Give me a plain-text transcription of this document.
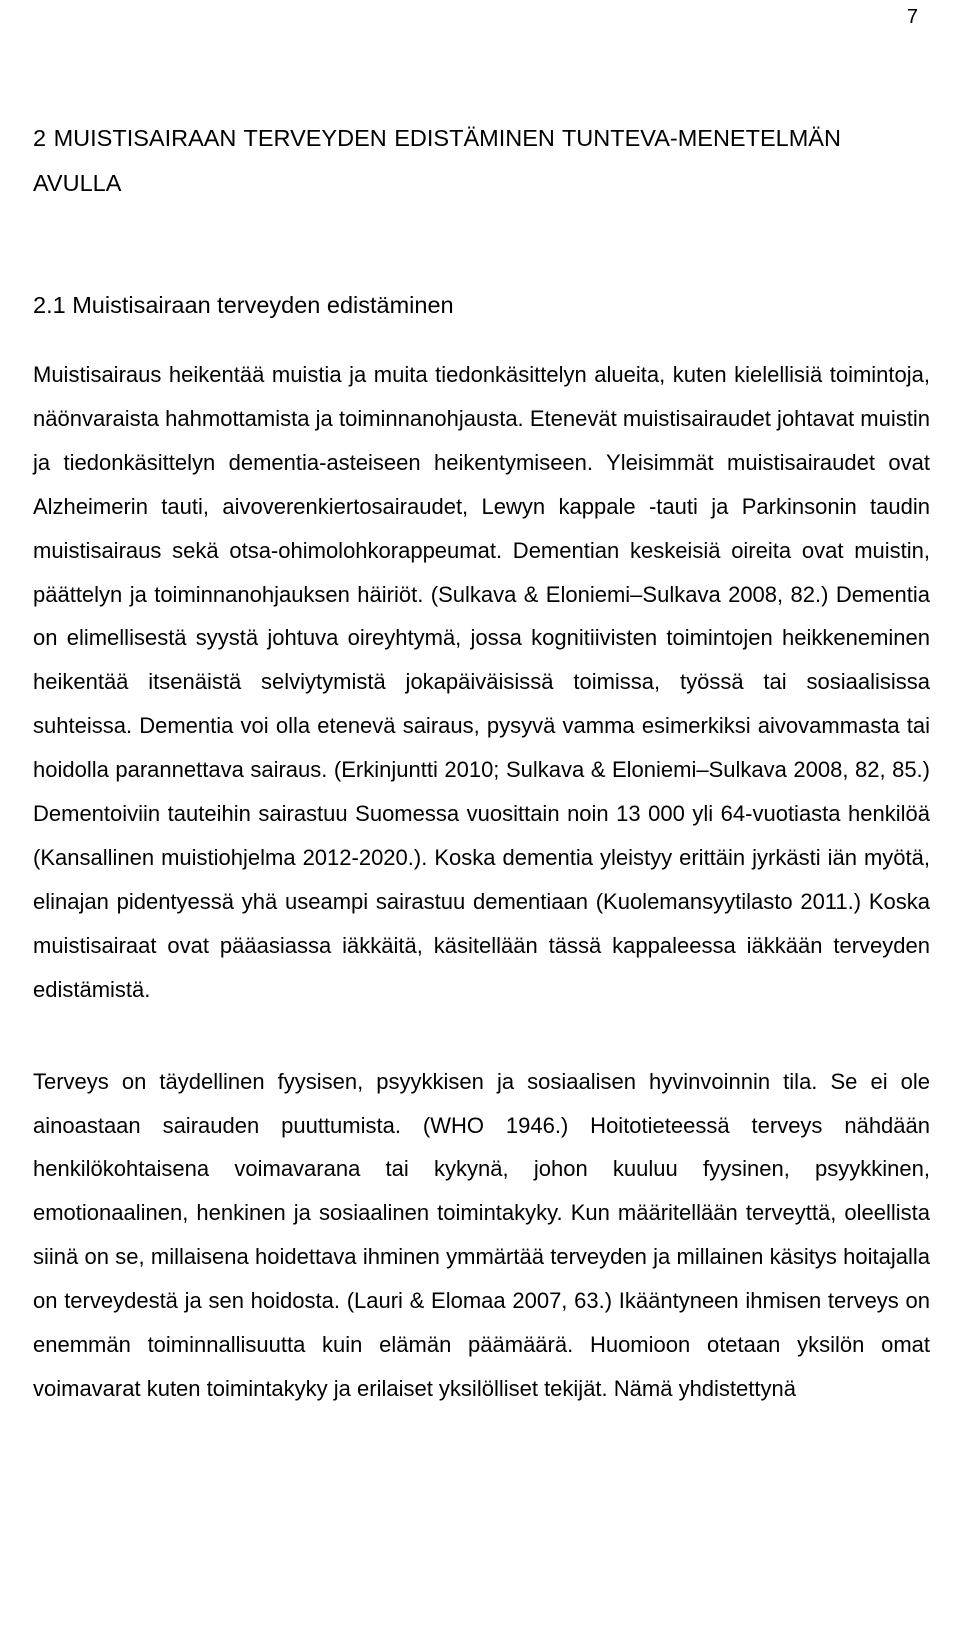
7
2 MUISTISAIRAAN TERVEYDEN EDISTÄMINEN TUNTEVA-MENETELMÄN AVULLA
2.1 Muistisairaan terveyden edistäminen

Muistisairaus heikentää muistia ja muita tiedonkäsittelyn alueita, kuten kielellisiä toimintoja, näönvaraista hahmottamista ja toiminnanohjausta. Etenevät muistisairaudet johtavat muistin ja tiedonkäsittelyn dementia-asteiseen heikentymiseen. Yleisimmät muistisairaudet ovat Alzheimerin tauti, aivoverenkiertosairaudet, Lewyn kappale -tauti ja Parkinsonin taudin muistisairaus sekä otsa-ohimolohkorappeumat. Dementian keskeisiä oireita ovat muistin, päättelyn ja toiminnanohjauksen häiriöt. (Sulkava & Eloniemi–Sulkava 2008, 82.) Dementia on elimellisestä syystä johtuva oireyhtymä, jossa kognitiivisten toimintojen heikkeneminen heikentää itsenäistä selviytymistä jokapäiväisissä toimissa, työssä tai sosiaalisissa suhteissa. Dementia voi olla etenevä sairaus, pysyvä vamma esimerkiksi aivovammasta tai hoidolla parannettava sairaus. (Erkinjuntti 2010; Sulkava & Eloniemi–Sulkava 2008, 82, 85.) Dementoiviin tauteihin sairastuu Suomessa vuosittain noin 13 000 yli 64-vuotiasta henkilöä (Kansallinen muistiohjelma 2012-2020.). Koska dementia yleistyy erittäin jyrkästi iän myötä, elinajan pidentyessä yhä useampi sairastuu dementiaan (Kuolemansyytilasto 2011.) Koska muistisairaat ovat pääasiassa iäkkäitä, käsitellään tässä kappaleessa iäkkään terveyden edistämistä.

Terveys on täydellinen fyysisen, psyykkisen ja sosiaalisen hyvinvoinnin tila. Se ei ole ainoastaan sairauden puuttumista. (WHO 1946.) Hoitotieteessä terveys nähdään henkilökohtaisena voimavarana tai kykynä, johon kuuluu fyysinen, psyykkinen, emotionaalinen, henkinen ja sosiaalinen toimintakyky. Kun määritellään terveyttä, oleellista siinä on se, millaisena hoidettava ihminen ymmärtää terveyden ja millainen käsitys hoitajalla on terveydestä ja sen hoidosta. (Lauri & Elomaa 2007, 63.) Ikääntyneen ihmisen terveys on enemmän toiminnallisuutta kuin elämän päämäärä. Huomioon otetaan yksilön omat voimavarat kuten toimintakyky ja erilaiset yksilölliset tekijät. Nämä yhdistettynä
